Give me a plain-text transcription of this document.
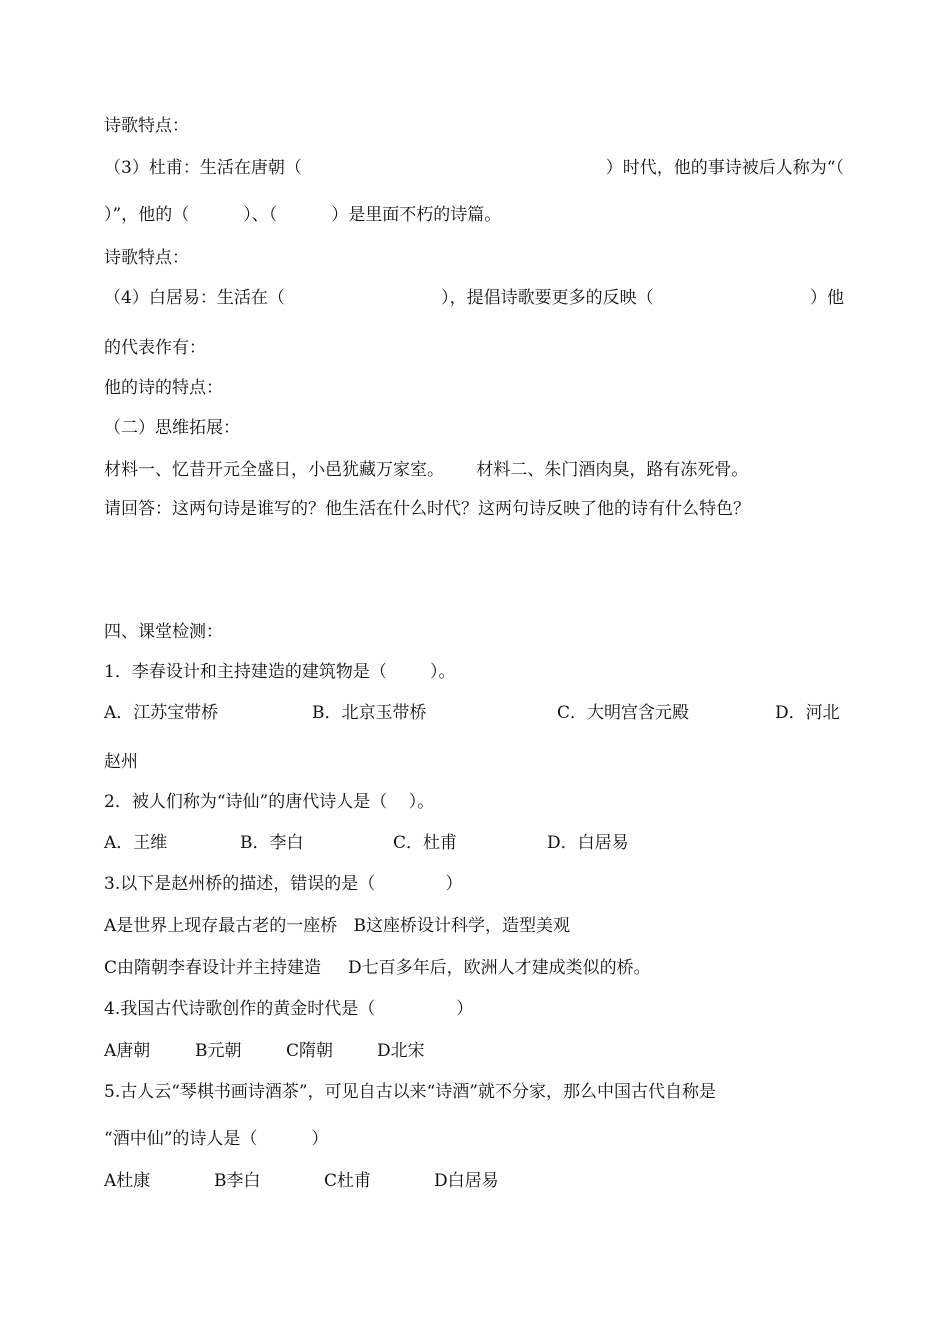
诗歌特点：
（3）杜甫：生活在唐朝（	）时代，他的事诗被后人称为“（
）”，他的（          ）、（          ）是里面不朽的诗篇。
诗歌特点：
（4）白居易：生活在（	），提倡诗歌要更多的反映（	）他
的代表作有：
他的诗的特点：
（二）思维拓展：
材料一、忆昔开元全盛日，小邑犹藏万家室。      材料二、朱门酒肉臭，路有冻死骨。
请回答：这两句诗是谁写的？他生活在什么时代？这两句诗反映了他的诗有什么特色？
四、课堂检测：
1．李春设计和主持建造的建筑物是（        ）。

A．江苏宝带桥

	B．北京玉带桥

	C．大明宫含元殿

	D．河北

赵州
2．被人们称为“诗仙”的唐代诗人是（    ）。

A．王维

	B．李白

	C．杜甫

	D．白居易

3.以下是赵州桥的描述，错误的是（             ）
A是世界上现存最古老的一座桥   B这座桥设计科学，造型美观
C由隋朝李春设计并主持建造     D七百多年后，欧洲人才建成类似的桥。
4.我国古代诗歌创作的黄金时代是（               ）

A唐朝

	B元朝

	C隋朝

	D北宋

5.古人云“琴棋书画诗酒茶”，可见自古以来“诗酒”就不分家，那么中国古代自称是
“酒中仙”的诗人是（          ）

A杜康

	B李白

	C杜甫

	D白居易
